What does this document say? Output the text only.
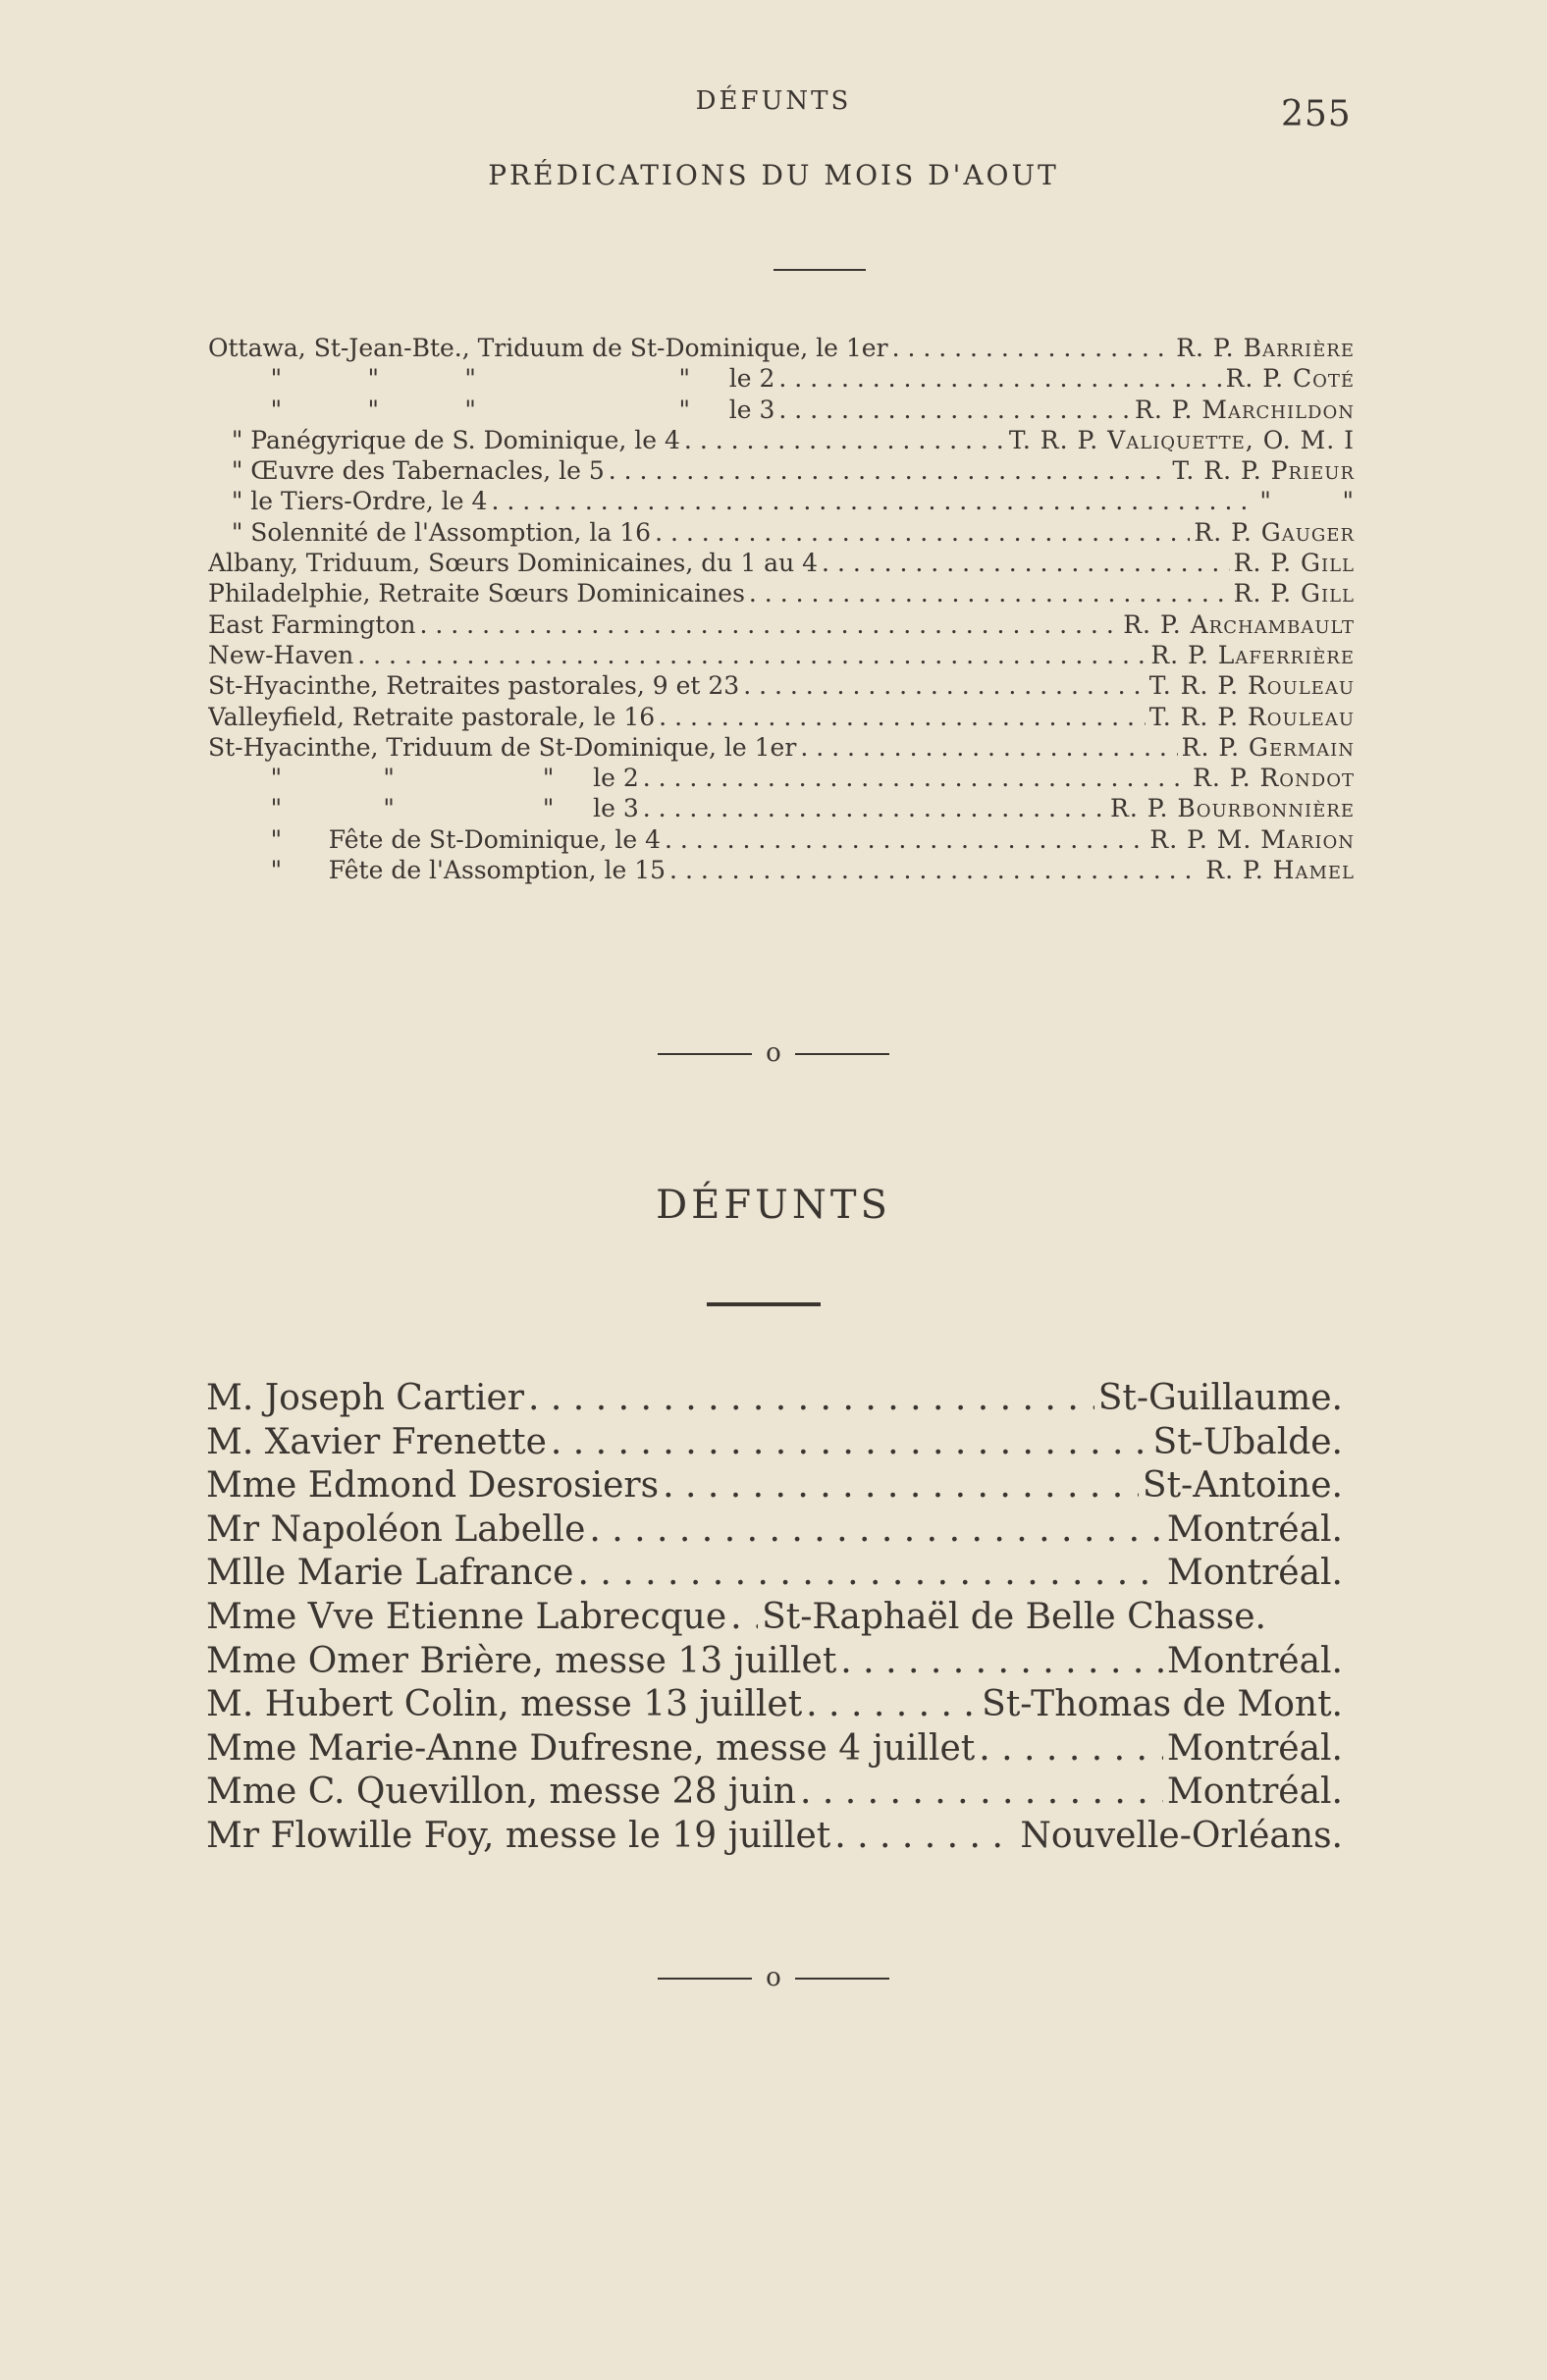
DÉFUNTS	255
PRÉDICATIONS DU MOIS D'AOUT
Ottawa, St-Jean-Bte., Triduum de St-Dominique, le 1er . . .	R. P. Barrière
"           "           "                          "     le 2 . . .	R. P. Coté
"           "           "                          "     le 3 . . .	R. P. Marchildon
" Panégyrique de S. Dominique, le 4 . . .	T. R. P. Valiquette, O. M. I
" Œuvre des Tabernacles, le 5 . . .	T. R. P. Prieur
" le Tiers-Ordre, le 4 . . .	"        "
" Solennité de l'Assomption, la 16 . . .	R. P. Gauger
Albany, Triduum, Sœurs Dominicaines, du 1 au 4 . . .	R. P. Gill
Philadelphie, Retraite Sœurs Dominicaines . . .	R. P. Gill
East Farmington . . .	R. P. Archambault
New-Haven . . .	R. P. Laferrière
St-Hyacinthe, Retraites pastorales, 9 et 23 . . .	T. R. P. Rouleau
Valleyfield, Retraite pastorale, le 16 . . .	T. R. P. Rouleau
St-Hyacinthe, Triduum de St-Dominique, le 1er . . .	R. P. Germain
"             "                   "     le 2 . . .	R. P. Rondot
"             "                   "     le 3 . . .	R. P. Bourbonnière
"      Fête de St-Dominique, le 4 . . .	R. P. M. Marion
"      Fête de l'Assomption, le 15 . . .	R. P. Hamel
o
DÉFUNTS
M. Joseph Cartier . . .	St-Guillaume.
M. Xavier Frenette . . .	St-Ubalde.
Mme Edmond Desrosiers . . .	St-Antoine.
Mr Napoléon Labelle . . .	Montréal.
Mlle Marie Lafrance . . .	Montréal.
Mme Vve Etienne Labrecque . . . St-Raphaël de Belle Chasse.
Mme Omer Brière, messe 13 juillet . . .	Montréal.
M. Hubert Colin, messe 13 juillet . . .	St-Thomas de Mont.
Mme Marie-Anne Dufresne, messe 4 juillet . . .	Montréal.
Mme C. Quevillon, messe 28 juin . . .	Montréal.
Mr Flowille Foy, messe le 19 juillet . . .	Nouvelle-Orléans.
o
